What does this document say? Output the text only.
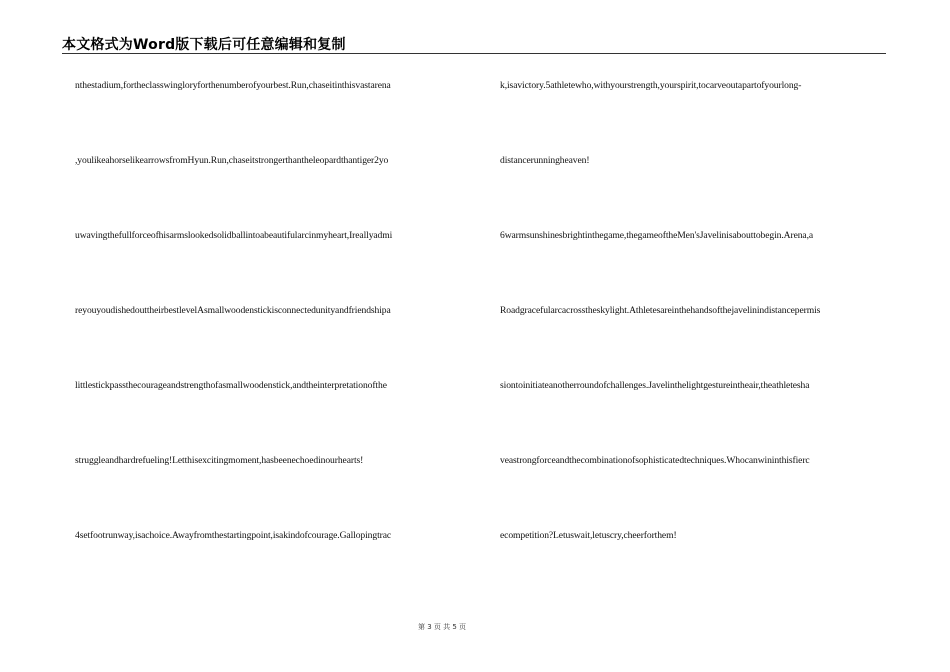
本文格式为Word版下载后可任意编辑和复制
nthestadium,fortheclasswingloryforthenumberofyourbest.Run,chaseitinthisvastarena
,youlikeahorselikearrowsfromHyun.Run,chaseitstrongerthantheleopardthantiger2yo
uwavingthefullforceofhisarmslookedsolidballintoabeautifularcinmyheart,Ireallyadmi
reyouyoudishedouttheirbestlevelAsmallwoodenstickisconnectedunityandfriendshipa
littlestickpassthecourageandstrengthofasmallwoodenstick,andtheinterpretationofthe
struggleandhardrefueling!Letthisexcitingmoment,hasbeenechoedinourhearts!
4setfootrunway,isachoice.Awayfromthestartingpoint,isakindofcourage.Gallopingtrac
k,isavictory.5athletewho,withyourstrength,yourspirit,tocarveoutapartofyourlong-
distancerunningheaven!
6warmsunshinesbrightinthegame,thegameoftheMen'sJavelinisabouttobegin.Arena,a
Roadgracefularcacrosstheskylight.Athletesareinthehandsofthejavelinindistancepermis
siontoinitiateanotherroundofchallenges.Javelinthelightgestureintheair,theathletesha
veastrongforceandthecombinationofsophisticatedtechniques.Whocanwininthisfierc
ecompetition?Letuswait,letuscry,cheerforthem!
第 3 页 共 5 页
